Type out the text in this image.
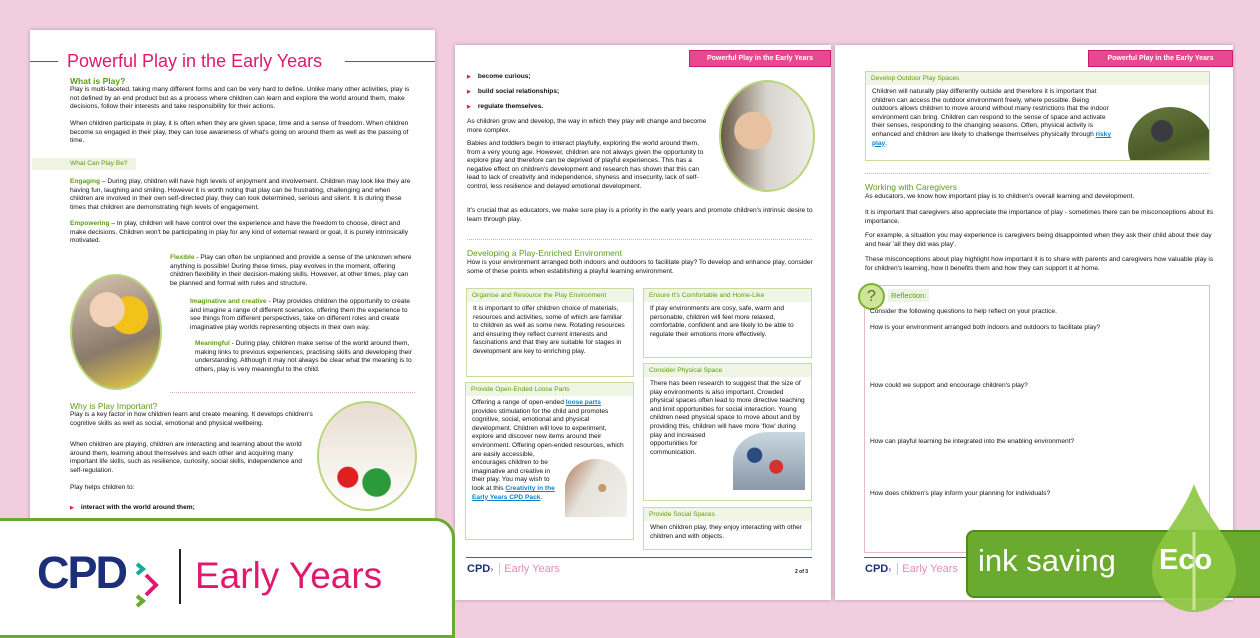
Powerful Play in the Early Years
What is Play?
Play is multi-faceted, taking many different forms and can be very hard to define. Unlike many other activities, play is not defined by an end product but as a process where children can learn and explore the world around them, make decisions, follow their interests and take responsibility for their actions.
When children participate in play, it is often when they are given space, time and a sense of freedom. When children become so engaged in their play, they can lose awareness of what's going on around them as well as the passing of time.
What Can Play Be?
Engaging – During play, children will have high levels of enjoyment and involvement. Children may look like they are having fun, laughing and smiling. However it is worth noting that play can be frustrating, challenging and when children are involved in their own self-directed play, they can look determined, serious and silent. It is during these times that children are demonstrating high levels of engagement.
Empowering – In play, children will have control over the experience and have the freedom to choose, direct and make decisions. Children won't be participating in play for any kind of external reward or goal, it is purely intrinsically motivated.
Flexible - Play can often be unplanned and provide a sense of the unknown where anything is possible! During these times, play evolves in the moment, offering children flexibility in their decision-making skills. However, at other times, play can be planned and formal with rules and structure.
Imaginative and creative - Play provides children the opportunity to create and imagine a range of different scenarios, offering them the experience to see things from different perspectives, take on different roles and create imaginative play worlds representing objects in their own way.
Meaningful - During play, children make sense of the world around them, making links to previous experiences, practising skills and developing their understanding. Although it may not always be clear what the meaning is to others, play is very meaningful to the child.
Why is Play Important?
Play is a key factor in how children learn and create meaning. It develops children's cognitive skills as well as social, emotional and physical wellbeing.
When children are playing, children are interacting and learning about the world around them, learning about themselves and each other and acquiring many important life skills, such as resilience, curiosity, social skills, independence and self-regulation.
Play helps children to:
▶ interact with the world around them;
Powerful Play in the Early Years
▶ become curious;
▶ build social relationships;
▶ regulate themselves.
As children grow and develop, the way in which they play will change and become more complex.
Babies and toddlers begin to interact playfully, exploring the world around them, from a very young age. However, children are not always given the opportunity to explore play and therefore can be deprived of playful experiences. This has a negative effect on children's development and research has shown that this can lead to lack of creativity and independence, shyness and insecurity, lack of self-control, less resilience and delayed emotional development.
It's crucial that as educators, we make sure play is a priority in the early years and promote children's intrinsic desire to learn through play.
Developing a Play-Enriched Environment
How is your environment arranged both indoors and outdoors to facilitate play? To develop and enhance play, consider some of these points when establishing a playful learning environment.
Organise and Resource the Play Environment
It is important to offer children choice of materials, resources and activities, some of which are familiar to children as well as some new. Rotating resources and ensuring they reflect current interests and fascinations and that they are suitable for stages in development are key to enriching play.
Provide Open-Ended Loose Parts
Offering a range of open-ended loose parts provides stimulation for the child and promotes cognitive, social, emotional and physical development. Children will love to experiment, explore and discover new items around their environment. Offering open-ended resources, which are easily accessible, encourages children to be imaginative and creative in their play. You may wish to look at this Creativity in the Early Years CPD Pack.
Ensure It's Comfortable and Home-Like
If play environments are cosy, safe, warm and personable, children will feel more relaxed, comfortable, confident and are likely to be able to regulate their emotions more effectively.
Consider Physical Space
There has been research to suggest that the size of play environments is also important. Crowded physical spaces often lead to more directive teaching and limit opportunities for social interaction. Young children need physical space to move about and by providing this, children will have more 'flow' during play and increased opportunities for communication.
Provide Social Spaces
When children play, they enjoy interacting with other children and with objects.
CPD› Early Years	2 of 3
Powerful Play in the Early Years
Develop Outdoor Play Spaces
Children will naturally play differently outside and therefore it is important that children can access the outdoor environment freely, where possible. Being outdoors allows children to move around without many restrictions that the indoor environment can bring. Children can respond to the sense of space and activate their senses, responding to the changing seasons. Often, physical activity is enhanced and children are likely to challenge themselves physically through risky play.
Working with Caregivers
As educators, we know how important play is to children's overall learning and development.
It is important that caregivers also appreciate the importance of play - sometimes there can be misconceptions about its importance.
For example, a situation you may experience is caregivers being disappointed when they ask their child about their day and hear 'all they did was play'.
These misconceptions about play highlight how important it is to share with parents and caregivers how valuable play is for children's learning, how it benefits them and how they can support it at home.
?	Reflection:
Consider the following questions to help reflect on your practice.
How is your environment arranged both indoors and outdoors to facilitate play?
How could we support and encourage children's play?
How can playful learning be integrated into the enabling environment?
How does children's play inform your planning for individuals?
CPD› Early Years
CPD Early Years	ink saving Eco
